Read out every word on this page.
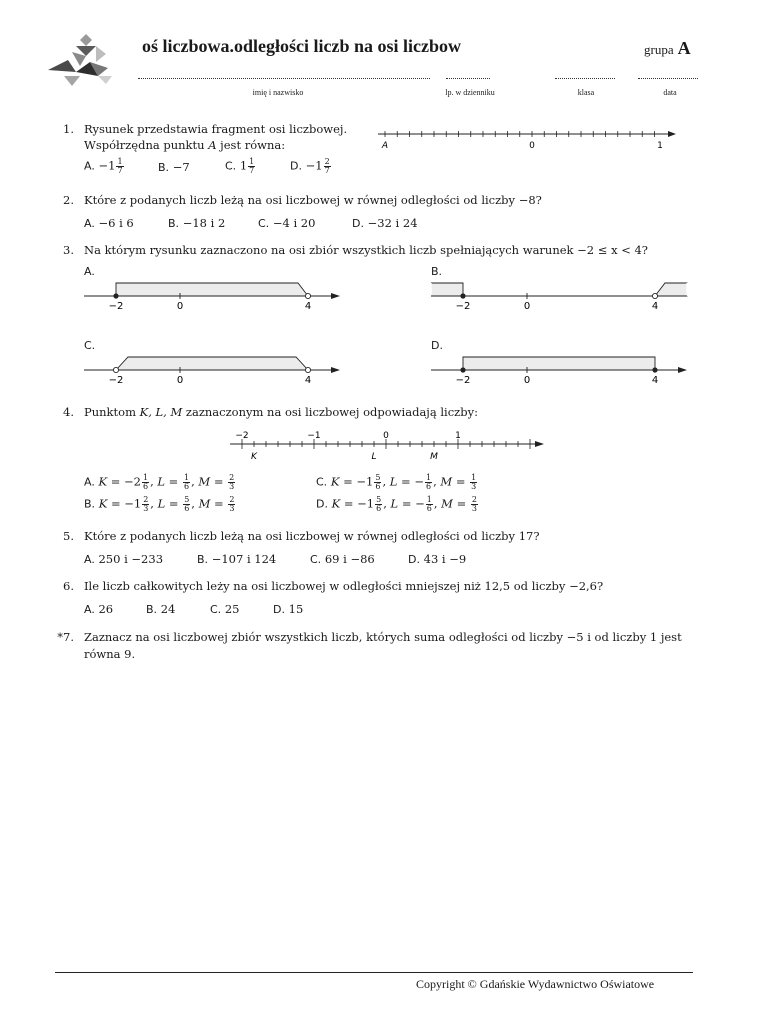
oś liczbowa.odległości liczb na osi liczbow	grupa A
imię i nazwisko	lp. w dzienniku	klasa	data
1. Rysunek przedstawia fragment osi liczbowej.
Współrzędna punktu A jest równa:	A	0	1
A. $-1 \frac{1}{7}$	B. −7	C. $1 \frac{1}{7}$	D. $-1 \frac{2}{7}$
2. Które z podanych liczb leżą na osi liczbowej w równej odległości od liczby −8?
A. −6 i 6	B. −18 i 2	C. −4 i 20	D. −32 i 24
3. Na którym rysunku zaznaczono na osi zbiór wszystkich liczb spełniających warunek −2 ≤ x < 4?
A.
−2	0	4
B.
−2	0	4
C.
−2	0	4
D.
−2	0	4
4. Punktom K, L, M zaznaczonym na osi liczbowej odpowiadają liczby:
−2	−1	0	1
K	L	M
A. $K = -2 \frac{1}{6}$ , $L = \frac{1}{6}$ , $M = \frac{2}{3}$
B. $K = -1 \frac{2}{3}$ , $L = \frac{5}{6}$ , $M = \frac{2}{3}$
C. $K = -1 \frac{5}{6}$ , L = − $\frac{1}{6}$ , $M = \frac{1}{3}$
D. $K = -1 \frac{5}{6}$ , L = − $\frac{1}{6}$ , $M = \frac{2}{3}$
5. Które z podanych liczb leżą na osi liczbowej w równej odległości od liczby 17?
A. 250 i −233	B. −107 i 124	C. 69 i −86	D. 43 i −9
6. Ile liczb całkowitych leży na osi liczbowej w odległości mniejszej niż 12,5 od liczby −2,6?
A. 26	B. 24	C. 25	D. 15
*7. Zaznacz na osi liczbowej zbiór wszystkich liczb, których suma odległości od liczby −5 i od liczby 1 jest
równa 9.
Copyright © Gdańskie Wydawnictwo Oświatowe
